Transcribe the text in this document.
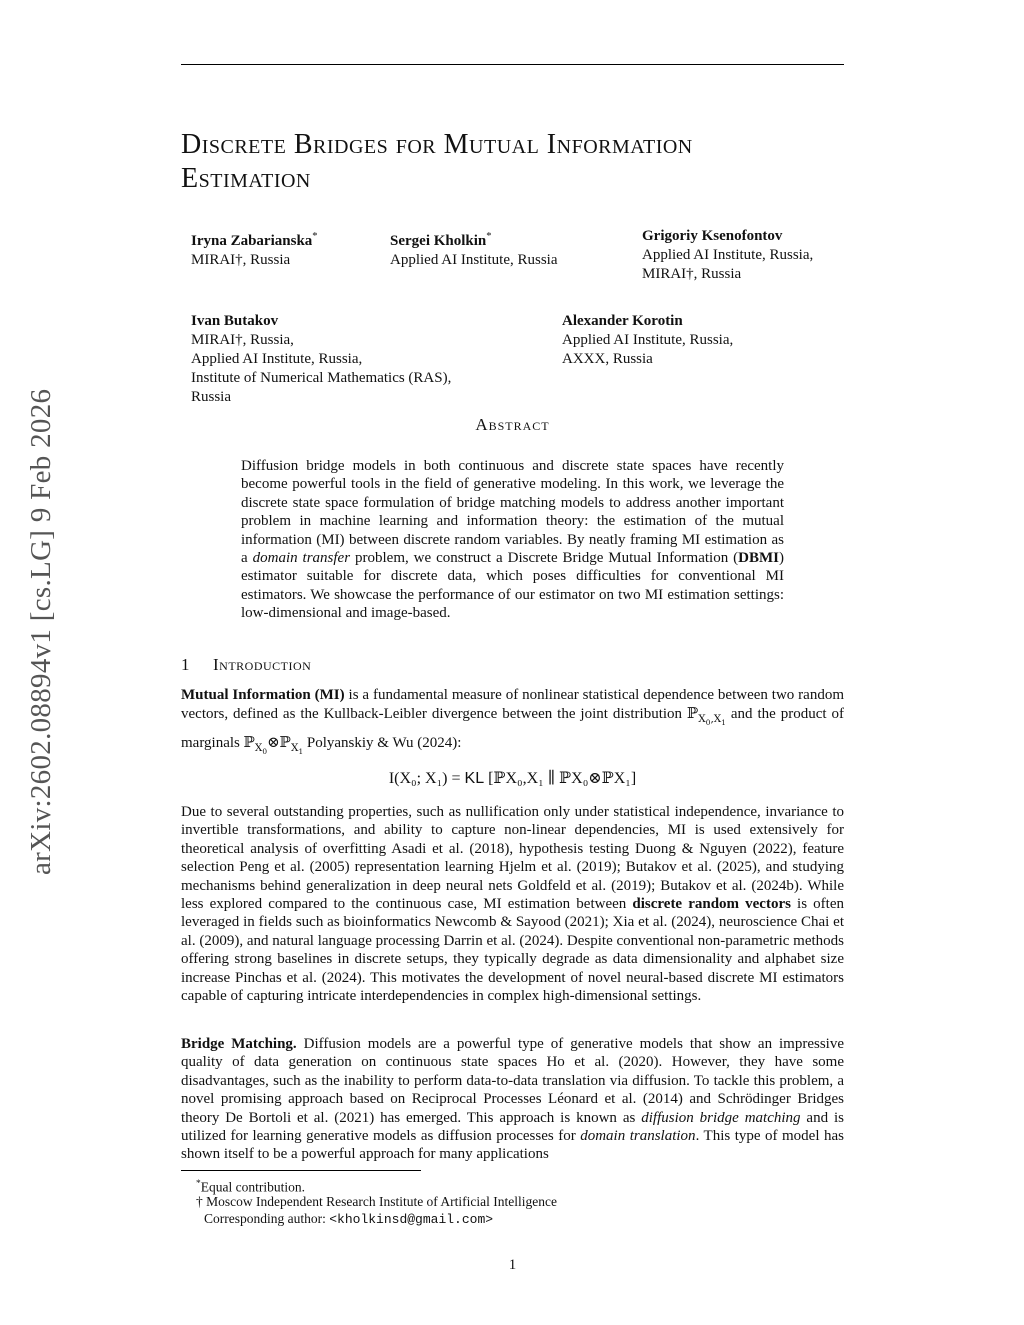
arXiv:2602.08894v1 [cs.LG] 9 Feb 2026
Discrete Bridges for Mutual Information
Estimation
Iryna Zabarianska*
MIRAI†, Russia
Sergei Kholkin*
Applied AI Institute, Russia
Grigoriy Ksenofontov
Applied AI Institute, Russia,
MIRAI†, Russia
Ivan Butakov
MIRAI†, Russia,
Applied AI Institute, Russia,
Institute of Numerical Mathematics (RAS),
Russia
Alexander Korotin
Applied AI Institute, Russia,
AXXX, Russia
Abstract
Diffusion bridge models in both continuous and discrete state spaces have recently become powerful tools in the field of generative modeling. In this work, we leverage the discrete state space formulation of bridge matching models to address another important problem in machine learning and information theory: the estimation of the mutual information (MI) between discrete random variables. By neatly framing MI estimation as a domain transfer problem, we construct a Discrete Bridge Mutual Information (DBMI) estimator suitable for discrete data, which poses difficulties for conventional MI estimators. We showcase the performance of our estimator on two MI estimation settings: low-dimensional and image-based.
1 Introduction
Mutual Information (MI) is a fundamental measure of nonlinear statistical dependence between two random vectors, defined as the Kullback-Leibler divergence between the joint distribution ℙ$_{X_0,X_1}$ and the product of marginals ℙ$_{X_0}$⊗ℙ$_{X_1}$ Polyanskiy & Wu (2024):
I(X₀; X₁) = KL [ℙX₀,X₁ ∥ ℙX₀⊗ℙX₁]
Due to several outstanding properties, such as nullification only under statistical independence, invariance to invertible transformations, and ability to capture non-linear dependencies, MI is used extensively for theoretical analysis of overfitting Asadi et al. (2018), hypothesis testing Duong & Nguyen (2022), feature selection Peng et al. (2005) representation learning Hjelm et al. (2019); Butakov et al. (2025), and studying mechanisms behind generalization in deep neural nets Goldfeld et al. (2019); Butakov et al. (2024b). While less explored compared to the continuous case, MI estimation between discrete random vectors is often leveraged in fields such as bioinformatics Newcomb & Sayood (2021); Xia et al. (2024), neuroscience Chai et al. (2009), and natural language processing Darrin et al. (2024). Despite conventional non-parametric methods offering strong baselines in discrete setups, they typically degrade as data dimensionality and alphabet size increase Pinchas et al. (2024). This motivates the development of novel neural-based discrete MI estimators capable of capturing intricate interdependencies in complex high-dimensional settings.
Bridge Matching. Diffusion models are a powerful type of generative models that show an impressive quality of data generation on continuous state spaces Ho et al. (2020). However, they have some disadvantages, such as the inability to perform data-to-data translation via diffusion. To tackle this problem, a novel promising approach based on Reciprocal Processes Léonard et al. (2014) and Schrödinger Bridges theory De Bortoli et al. (2021) has emerged. This approach is known as diffusion bridge matching and is utilized for learning generative models as diffusion processes for domain translation. This type of model has shown itself to be a powerful approach for many applications
*Equal contribution.
† Moscow Independent Research Institute of Artificial Intelligence
Corresponding author: <kholkinsd@gmail.com>
1
